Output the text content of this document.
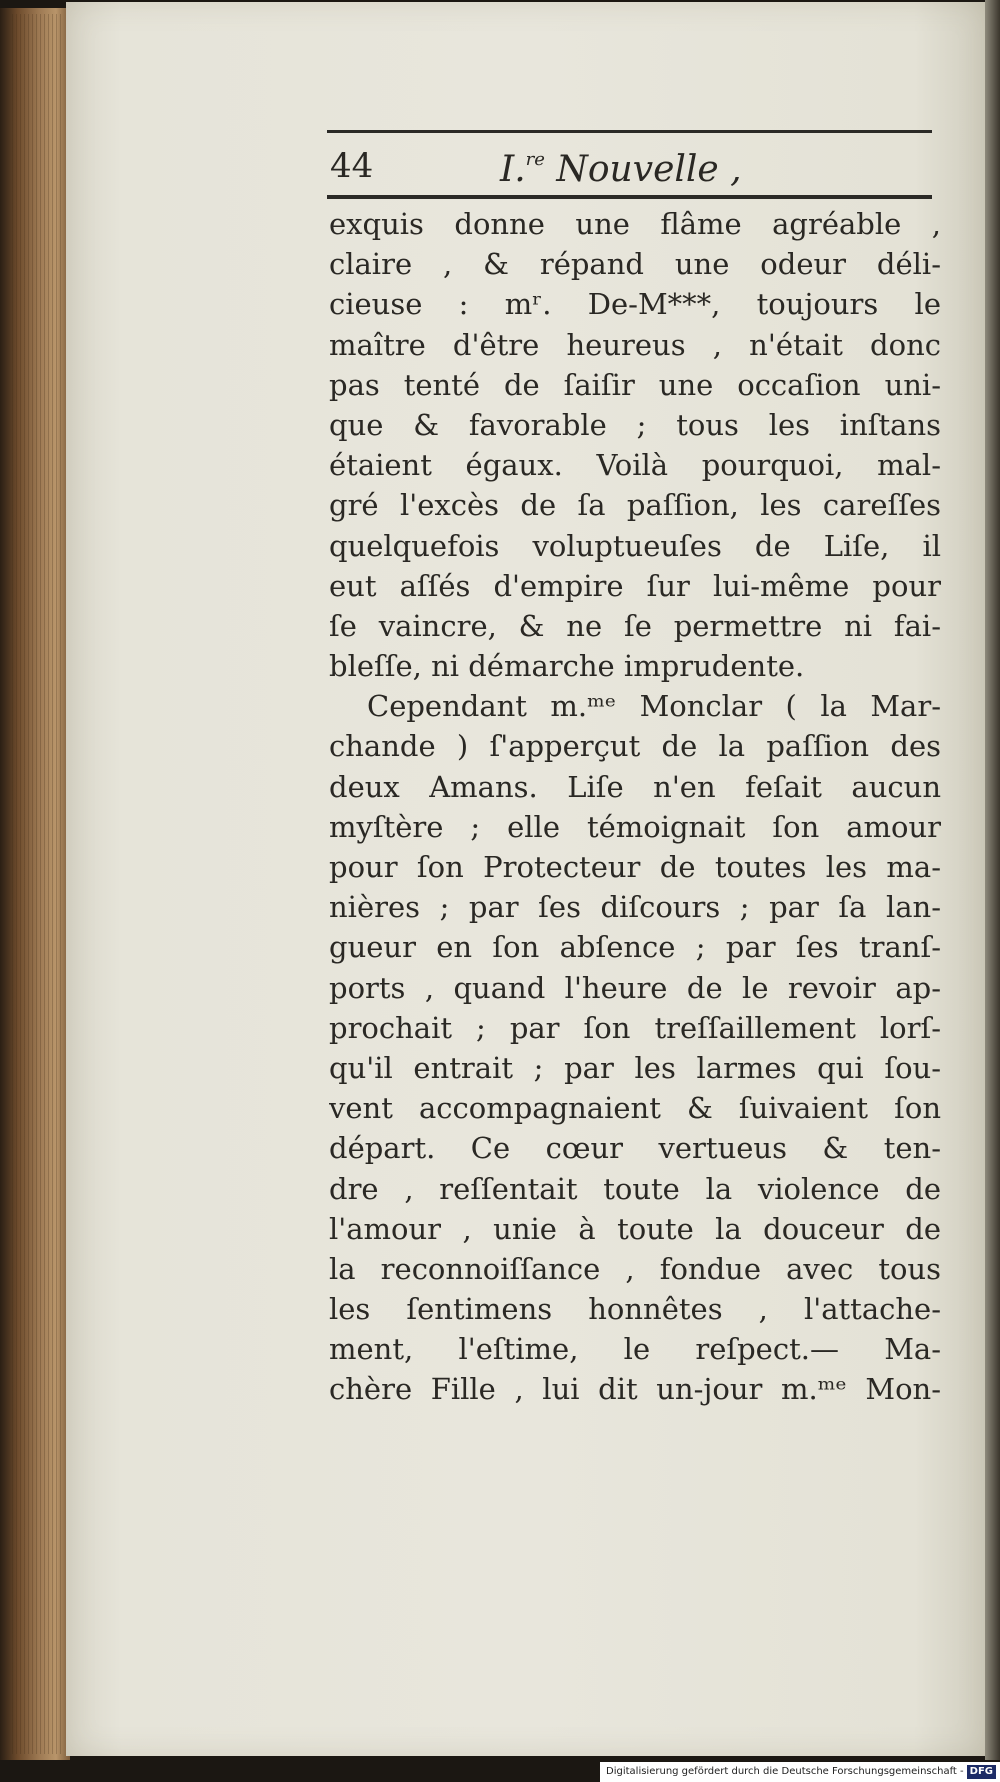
44	I.$^{re}$ Nouvelle ,
exquis donne une flâme agréable ,
claire , & répand une odeur déli-
cieuse : mʳ. De-M***, toujours le
maître d'être heureus , n'était donc
pas tenté de ſaiſir une occaſion uni-
que & favorable ; tous les inſtans
étaient égaux. Voilà pourquoi, mal-
gré l'excès de ſa paſſion, les careſſes
quelquefois voluptueuſes de Liſe, il
eut aſſés d'empire ſur lui-même pour
ſe vaincre, & ne ſe permettre ni fai-
bleſſe, ni démarche imprudente.
Cependant m.ᵐᵉ Monclar ( la Mar-
chande ) ſ'apperçut de la paſſion des
deux Amans. Liſe n'en feſait aucun
myſtère ; elle témoignait ſon amour
pour ſon Protecteur de toutes les ma-
nières ; par ſes diſcours ; par ſa lan-
gueur en ſon abſence ; par ſes tranſ-
ports , quand l'heure de le revoir ap-
prochait ; par ſon treſſaillement lorſ-
qu'il entrait ; par les larmes qui ſou-
vent accompagnaient & ſuivaient ſon
départ. Ce cœur vertueus & ten-
dre , reſſentait toute la violence de
l'amour , unie à toute la douceur de
la reconnoiſſance , fondue avec tous
les ſentimens honnêtes , l'attache-
ment, l'eſtime, le reſpect.— Ma-
chère Fille , lui dit un-jour m.ᵐᵉ Mon-
Digitalisierung gefördert durch die Deutsche Forschungsgemeinschaft - DFG
